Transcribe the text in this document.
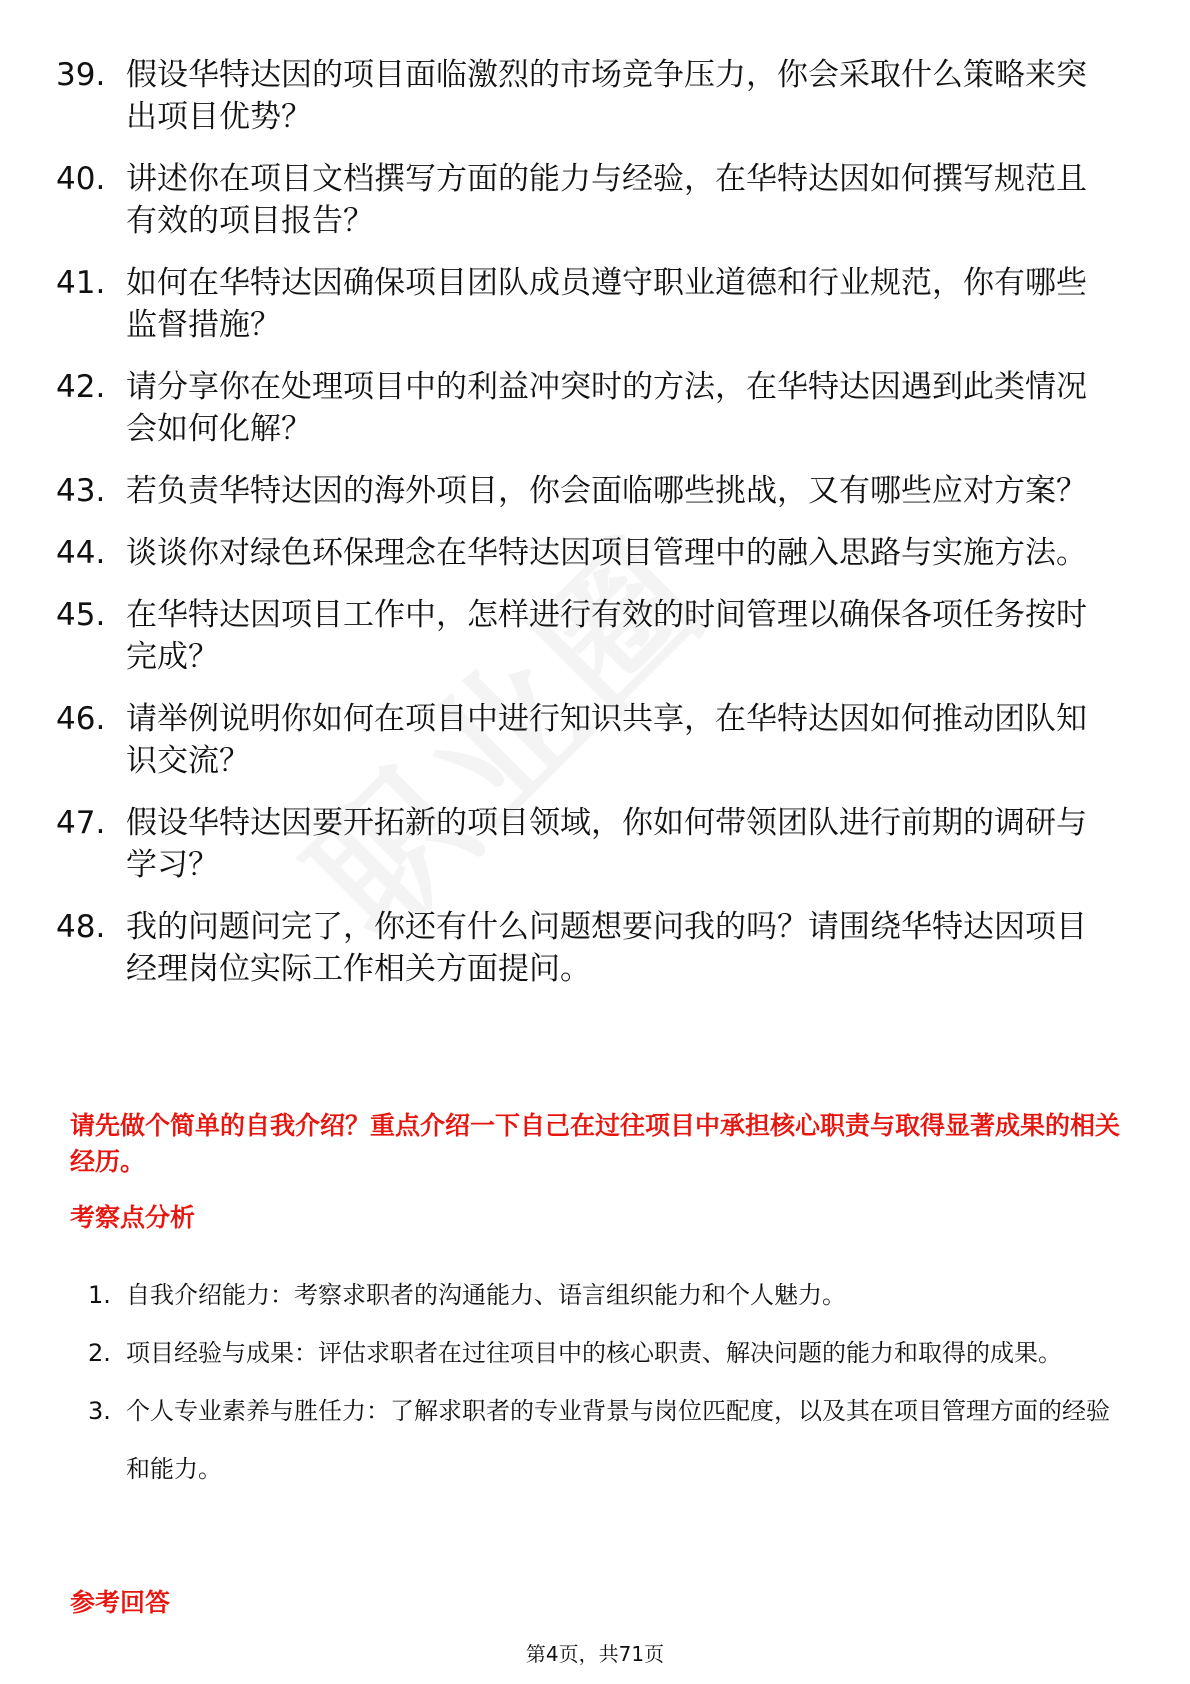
39. 假设华特达因的项目面临激烈的市场竞争压力，你会采取什么策略来突出项目优势？
40. 讲述你在项目文档撰写方面的能力与经验，在华特达因如何撰写规范且有效的项目报告？
41. 如何在华特达因确保项目团队成员遵守职业道德和行业规范，你有哪些监督措施？
42. 请分享你在处理项目中的利益冲突时的方法，在华特达因遇到此类情况会如何化解？
43. 若负责华特达因的海外项目，你会面临哪些挑战，又有哪些应对方案？
44. 谈谈你对绿色环保理念在华特达因项目管理中的融入思路与实施方法。
45. 在华特达因项目工作中，怎样进行有效的时间管理以确保各项任务按时完成？
46. 请举例说明你如何在项目中进行知识共享，在华特达因如何推动团队知识交流？
47. 假设华特达因要开拓新的项目领域，你如何带领团队进行前期的调研与学习？
48. 我的问题问完了，你还有什么问题想要问我的吗？请围绕华特达因项目经理岗位实际工作相关方面提问。

请先做个简单的自我介绍？重点介绍一下自己在过往项目中承担核心职责与取得显著成果的相关经历。

考察点分析

1. 自我介绍能力：考察求职者的沟通能力、语言组织能力和个人魅力。
2. 项目经验与成果：评估求职者在过往项目中的核心职责、解决问题的能力和取得的成果。
3. 个人专业素养与胜任力：了解求职者的专业背景与岗位匹配度，以及其在项目管理方面的经验和能力。

参考回答

第4页，共71页
